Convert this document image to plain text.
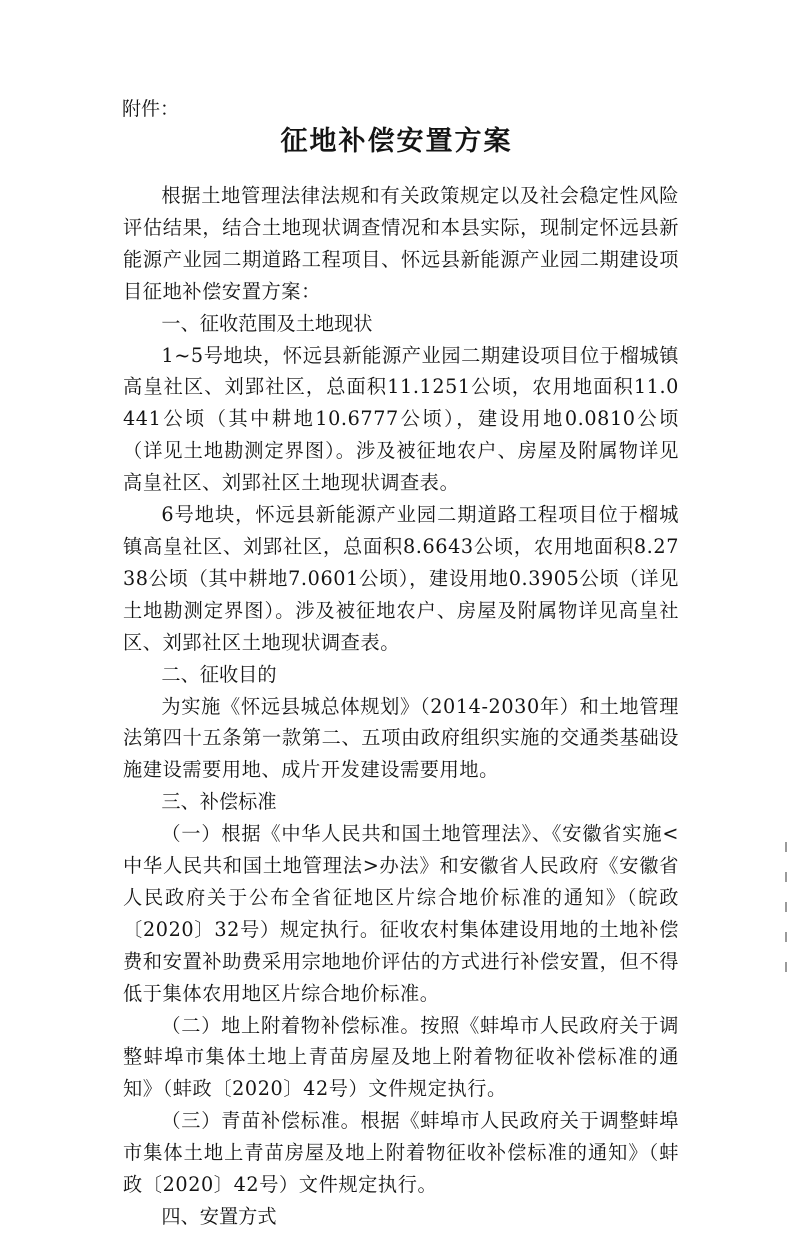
附件：
征地补偿安置方案

根据土地管理法律法规和有关政策规定以及社会稳定性风险评估结果，结合土地现状调查情况和本县实际，现制定怀远县新能源产业园二期道路工程项目、怀远县新能源产业园二期建设项目征地补偿安置方案：

一、征收范围及土地现状

1~5号地块，怀远县新能源产业园二期建设项目位于榴城镇高皇社区、刘郢社区，总面积11.1251公顷，农用地面积11.0441公顷（其中耕地10.6777公顷），建设用地0.0810公顷（详见土地勘测定界图）。涉及被征地农户、房屋及附属物详见高皇社区、刘郢社区土地现状调查表。

6号地块，怀远县新能源产业园二期道路工程项目位于榴城镇高皇社区、刘郢社区，总面积8.6643公顷，农用地面积8.2738公顷（其中耕地7.0601公顷），建设用地0.3905公顷（详见土地勘测定界图）。涉及被征地农户、房屋及附属物详见高皇社区、刘郢社区土地现状调查表。

二、征收目的

为实施《怀远县城总体规划》（2014-2030年）和土地管理法第四十五条第一款第二、五项由政府组织实施的交通类基础设施建设需要用地、成片开发建设需要用地。

三、补偿标准

（一）根据《中华人民共和国土地管理法》、《安徽省实施<中华人民共和国土地管理法>办法》和安徽省人民政府《安徽省人民政府关于公布全省征地区片综合地价标准的通知》（皖政〔2020〕32号）规定执行。征收农村集体建设用地的土地补偿费和安置补助费采用宗地地价评估的方式进行补偿安置，但不得低于集体农用地区片综合地价标准。

（二）地上附着物补偿标准。按照《蚌埠市人民政府关于调整蚌埠市集体土地上青苗房屋及地上附着物征收补偿标准的通知》（蚌政〔2020〕42号）文件规定执行。

（三）青苗补偿标准。根据《蚌埠市人民政府关于调整蚌埠市集体土地上青苗房屋及地上附着物征收补偿标准的通知》（蚌政〔2020〕42号）文件规定执行。

四、安置方式
